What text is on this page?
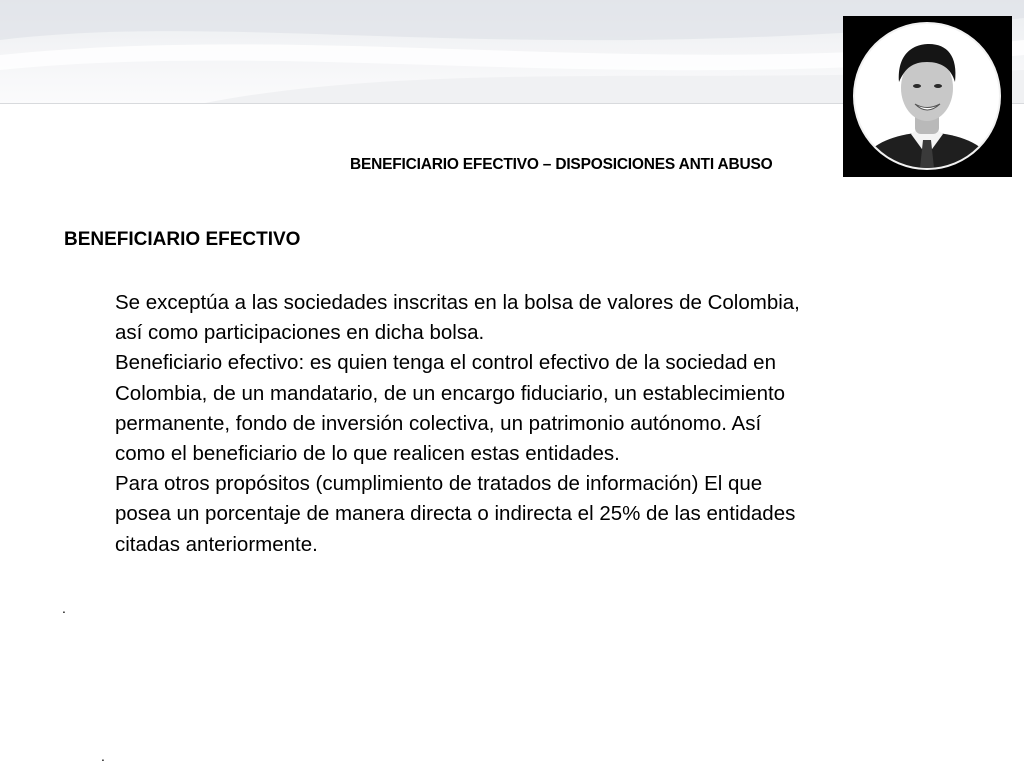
BENEFICIARIO EFECTIVO – DISPOSICIONES ANTI ABUSO
BENEFICIARIO EFECTIVO

Se exceptúa a las sociedades inscritas en la bolsa de valores de Colombia, así como participaciones en dicha bolsa.

Beneficiario efectivo: es quien tenga el control efectivo de la sociedad en Colombia, de un mandatario, de un encargo fiduciario, un establecimiento permanente, fondo de inversión colectiva, un patrimonio autónomo. Así como el beneficiario de lo que realicen estas entidades.

Para otros propósitos (cumplimiento de tratados de información) El que posea un porcentaje de manera directa o indirecta el 25% de las entidades citadas anteriormente.

.
.
